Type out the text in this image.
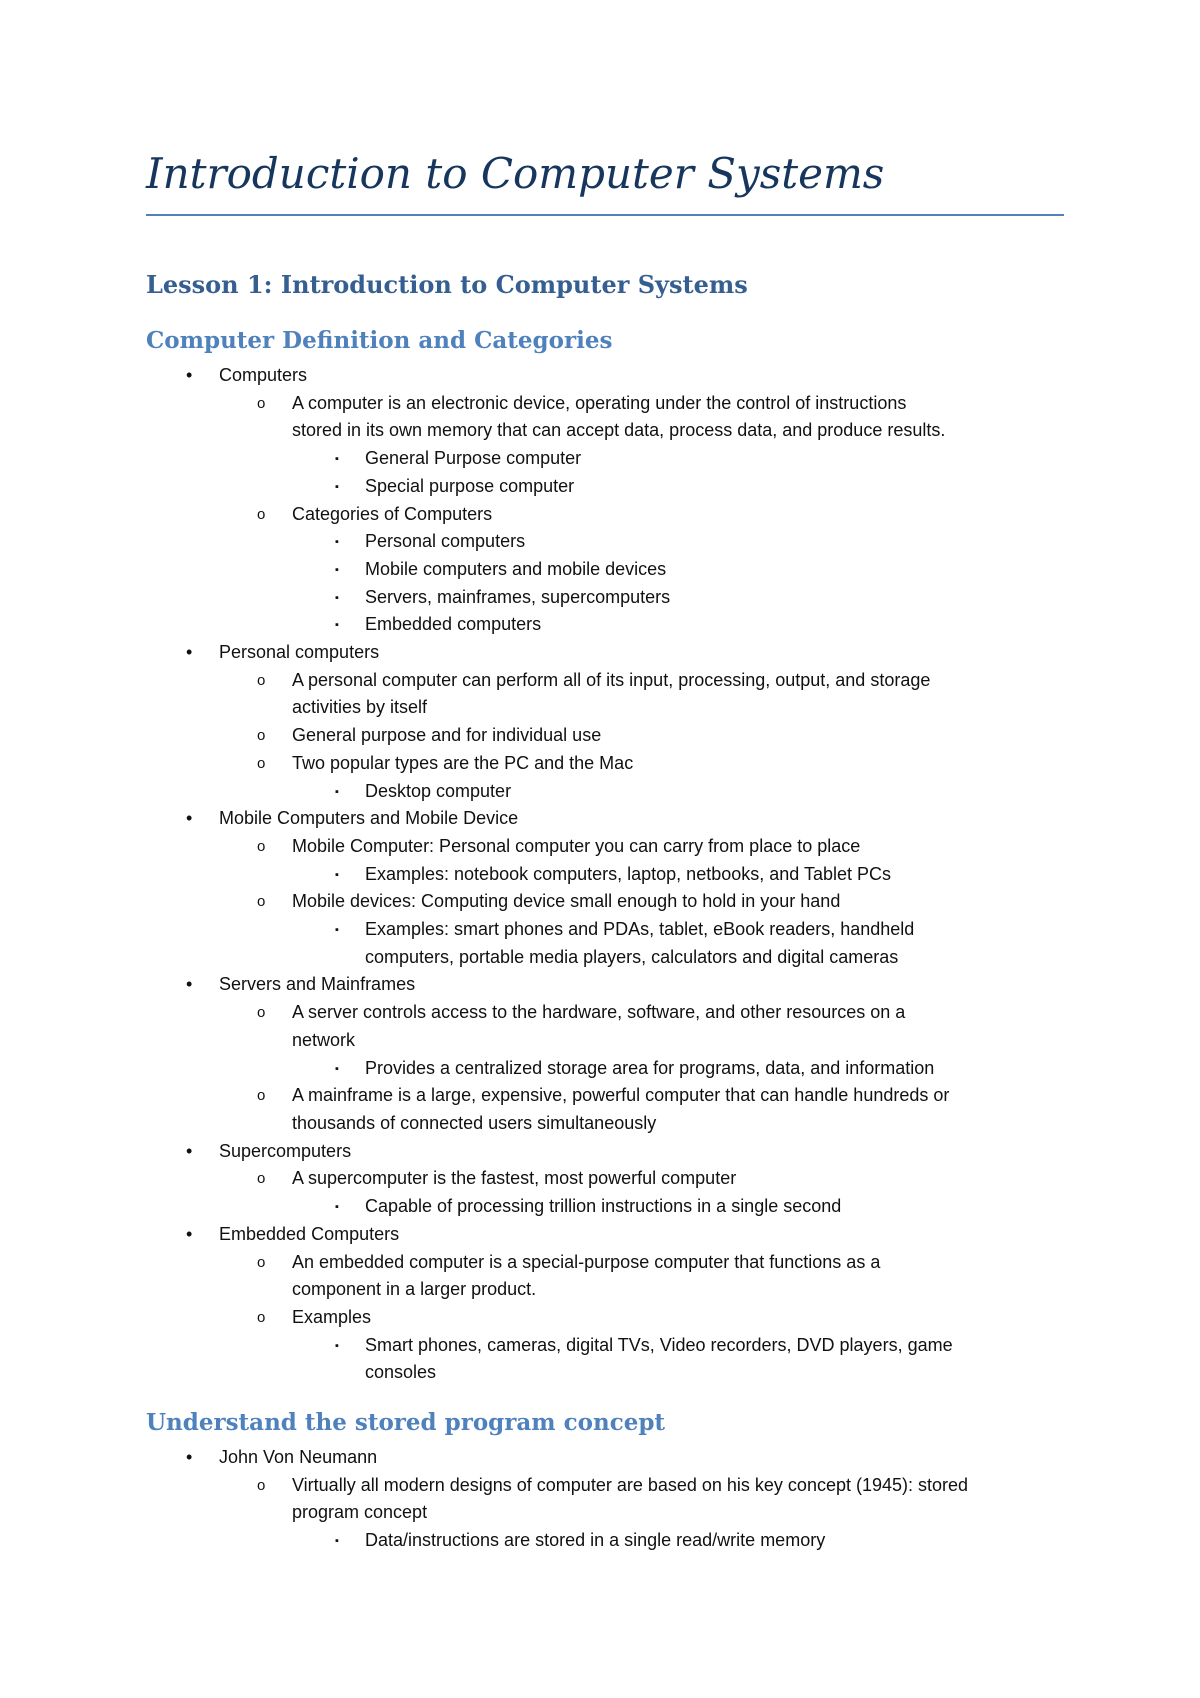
Introduction to Computer Systems
Lesson 1: Introduction to Computer Systems
Computer Definition and Categories
• Computers
o A computer is an electronic device, operating under the control of instructions
stored in its own memory that can accept data, process data, and produce results.
▪ General Purpose computer
▪ Special purpose computer
o Categories of Computers
▪ Personal computers
▪ Mobile computers and mobile devices
▪ Servers, mainframes, supercomputers
▪ Embedded computers
• Personal computers
o A personal computer can perform all of its input, processing, output, and storage
activities by itself
o General purpose and for individual use
o Two popular types are the PC and the Mac
▪ Desktop computer
• Mobile Computers and Mobile Device
o Mobile Computer: Personal computer you can carry from place to place
▪ Examples: notebook computers, laptop, netbooks, and Tablet PCs
o Mobile devices: Computing device small enough to hold in your hand
▪ Examples: smart phones and PDAs, tablet, eBook readers, handheld
computers, portable media players, calculators and digital cameras
• Servers and Mainframes
o A server controls access to the hardware, software, and other resources on a
network
▪ Provides a centralized storage area for programs, data, and information
o A mainframe is a large, expensive, powerful computer that can handle hundreds or
thousands of connected users simultaneously
• Supercomputers
o A supercomputer is the fastest, most powerful computer
▪ Capable of processing trillion instructions in a single second
• Embedded Computers
o An embedded computer is a special-purpose computer that functions as a
component in a larger product.
o Examples
▪ Smart phones, cameras, digital TVs, Video recorders, DVD players, game
consoles
Understand the stored program concept
• John Von Neumann
o Virtually all modern designs of computer are based on his key concept (1945): stored
program concept
▪ Data/instructions are stored in a single read/write memory
